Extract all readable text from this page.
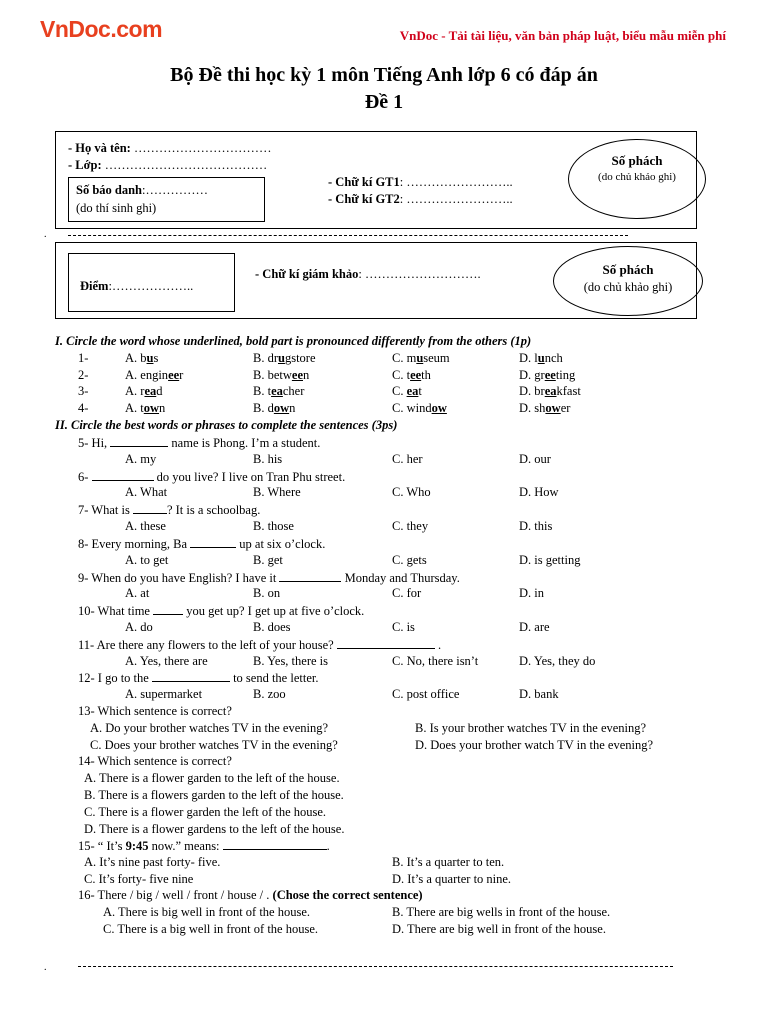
VnDoc.com	VnDoc - Tải tài liệu, văn bản pháp luật, biểu mẫu miễn phí
Bộ Đề thi học kỳ 1 môn Tiếng Anh lớp 6 có đáp án
Đề 1
- Họ và tên: ……………………………
- Lớp: …………………………………
Số báo danh:……………
(do thí sinh ghi)
- Chữ kí GT1: ……………………..
- Chữ kí GT2: ……………………..
Số phách
(do chủ khảo ghi)
.
Điểm:………………..
- Chữ kí giám khảo: ……………………….	Số phách
(do chủ khảo ghi)
I. Circle the word whose underlined, bold part is pronounced differently from the others (1p)
1-	A. bus	B. drugstore	C. museum	D. lunch
2-	A. engineer	B. between	C. teeth	D. greeting
3-	A. read	B. teacher	C. eat	D. breakfast
4-	A. town	B. down	C. window	D. shower
II. Circle the best words or phrases to complete the sentences (3ps)
5- Hi,	name is Phong. I’m a student.
A. my	B. his	C. her	D. our
6-	do you live? I live on Tran Phu street.
A. What	B. Where	C. Who	D. How
7- What is	? It is a schoolbag.
A. these	B. those	C. they	D. this
8- Every morning, Ba	up at six o’clock.
A. to get	B. get	C. gets	D. is getting
9- When do you have English? I have it	Monday and Thursday.
A. at	B. on	C. for	D. in
10- What time  you get up? I get up at five o’clock.
A. do	B. does	C. is	D. are
11- Are there any flowers to the left of your house?	.
A. Yes, there are	B. Yes, there is	C. No, there isn’t	D. Yes, they do
12- I go to the	to send the letter.
A. supermarket	B. zoo	C. post office	D. bank
13- Which sentence is correct?
A. Do your brother watches TV in the evening?	B. Is your brother watches TV in the evening?
C. Does your brother watches TV in the evening?	D. Does your brother watch TV in the evening?
14- Which sentence is correct?
A. There is a flower garden to the left of the house.
B. There is a flowers garden to the left of the house.
C. There is a flower garden the left of the house.
D. There is a flower gardens to the left of the house.
15- “ It’s 9:45 now.” means:	.
A. It’s nine past forty- five.	B. It’s a quarter to ten.
C. It’s forty- five nine	D. It’s a quarter to nine.
16- There / big / well / front / house / . (Chose the correct sentence)
A. There is big well in front of the house.	B. There are big wells in front of the house.
C. There is a big well in front of the house.	D. There are big well in front of the house.
.
